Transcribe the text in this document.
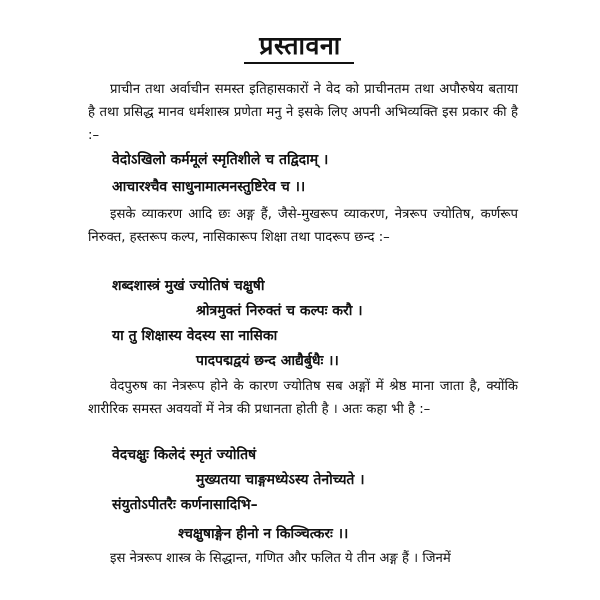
प्रस्तावना
प्राचीन तथा अर्वाचीन समस्त इतिहासकारों ने वेद को प्राचीनतम तथा अपौरुषेय बताया है तथा प्रसिद्ध मानव धर्मशास्त्र प्रणेता मनु ने इसके लिए अपनी अभिव्यक्ति इस प्रकार की है :–
वेदोऽखिलो कर्ममूलं स्मृतिशीले च तद्विदाम् ।
आचारश्चैव साधुनामात्मनस्तुष्टिरेव च ।।
इसके व्याकरण आदि छः अङ्ग हैं, जैसे-मुखरूप व्याकरण, नेत्ररूप ज्योतिष, कर्णरूप निरुक्त, हस्तरूप कल्प, नासिकारूप शिक्षा तथा पादरूप छन्द :–
शब्दशास्त्रं मुखं ज्योतिषं चक्षुषी
श्रोत्रमुक्तं निरुक्तं च कल्पः करौ ।
या तु शिक्षास्य वेदस्य सा नासिका
पादपद्मद्वयं छन्द आद्यैर्बुधैः ।।
वेदपुरुष का नेत्ररूप होने के कारण ज्योतिष सब अङ्गों में श्रेष्ठ माना जाता है, क्योंकि शारीरिक समस्त अवयवों में नेत्र की प्रधानता होती है । अतः कहा भी है :–
वेदचक्षुः किलेदं स्मृतं ज्योतिषं
मुख्यतया चाङ्गमध्येऽस्य तेनोच्यते ।
संयुतोऽपीतरैः कर्णनासादिभि–
श्चक्षुषाङ्गेन हीनो न किञ्चित्करः ।।
इस नेत्ररूप शास्त्र के सिद्धान्त, गणित और फलित ये तीन अङ्ग हैं । जिनमें
